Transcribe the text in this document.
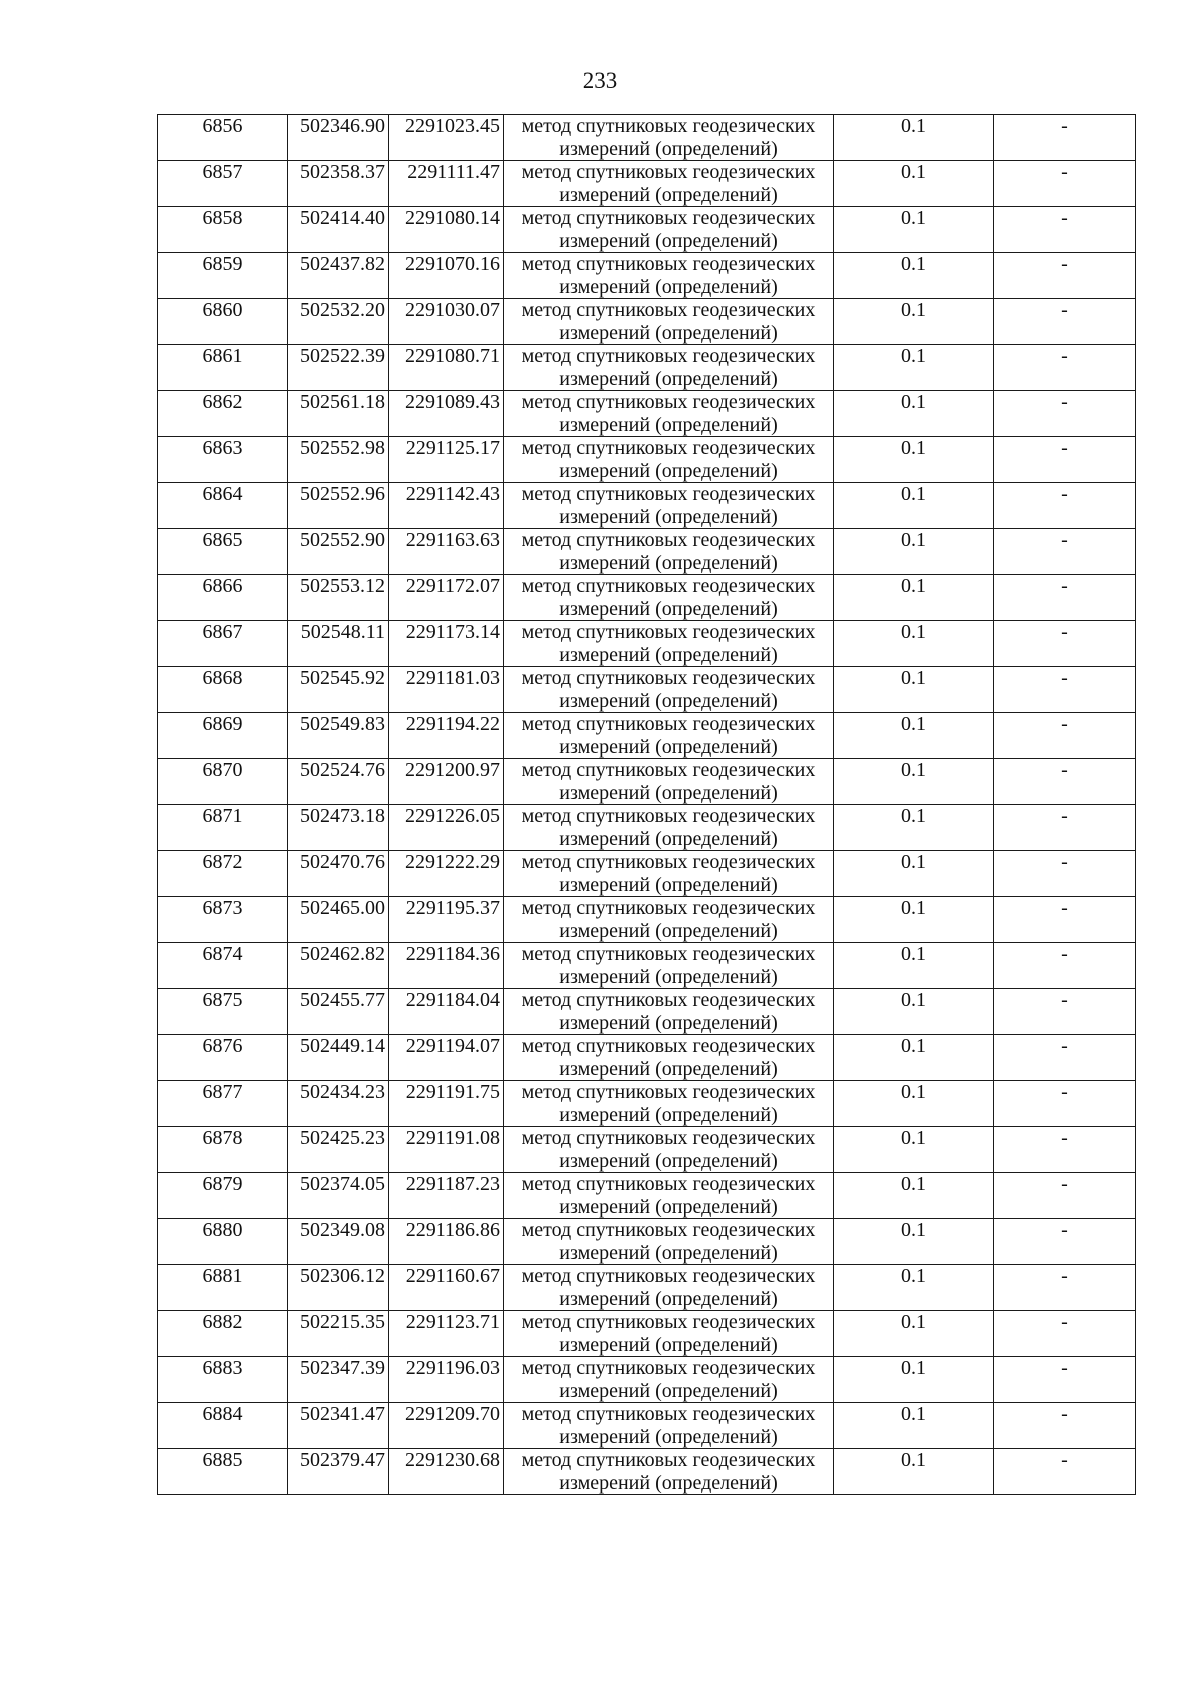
233
6856	502346.90	2291023.45	метод спутниковых геодезических измерений (определений)	0.1	-
6857	502358.37	2291111.47	метод спутниковых геодезических измерений (определений)	0.1	-
6858	502414.40	2291080.14	метод спутниковых геодезических измерений (определений)	0.1	-
6859	502437.82	2291070.16	метод спутниковых геодезических измерений (определений)	0.1	-
6860	502532.20	2291030.07	метод спутниковых геодезических измерений (определений)	0.1	-
6861	502522.39	2291080.71	метод спутниковых геодезических измерений (определений)	0.1	-
6862	502561.18	2291089.43	метод спутниковых геодезических измерений (определений)	0.1	-
6863	502552.98	2291125.17	метод спутниковых геодезических измерений (определений)	0.1	-
6864	502552.96	2291142.43	метод спутниковых геодезических измерений (определений)	0.1	-
6865	502552.90	2291163.63	метод спутниковых геодезических измерений (определений)	0.1	-
6866	502553.12	2291172.07	метод спутниковых геодезических измерений (определений)	0.1	-
6867	502548.11	2291173.14	метод спутниковых геодезических измерений (определений)	0.1	-
6868	502545.92	2291181.03	метод спутниковых геодезических измерений (определений)	0.1	-
6869	502549.83	2291194.22	метод спутниковых геодезических измерений (определений)	0.1	-
6870	502524.76	2291200.97	метод спутниковых геодезических измерений (определений)	0.1	-
6871	502473.18	2291226.05	метод спутниковых геодезических измерений (определений)	0.1	-
6872	502470.76	2291222.29	метод спутниковых геодезических измерений (определений)	0.1	-
6873	502465.00	2291195.37	метод спутниковых геодезических измерений (определений)	0.1	-
6874	502462.82	2291184.36	метод спутниковых геодезических измерений (определений)	0.1	-
6875	502455.77	2291184.04	метод спутниковых геодезических измерений (определений)	0.1	-
6876	502449.14	2291194.07	метод спутниковых геодезических измерений (определений)	0.1	-
6877	502434.23	2291191.75	метод спутниковых геодезических измерений (определений)	0.1	-
6878	502425.23	2291191.08	метод спутниковых геодезических измерений (определений)	0.1	-
6879	502374.05	2291187.23	метод спутниковых геодезических измерений (определений)	0.1	-
6880	502349.08	2291186.86	метод спутниковых геодезических измерений (определений)	0.1	-
6881	502306.12	2291160.67	метод спутниковых геодезических измерений (определений)	0.1	-
6882	502215.35	2291123.71	метод спутниковых геодезических измерений (определений)	0.1	-
6883	502347.39	2291196.03	метод спутниковых геодезических измерений (определений)	0.1	-
6884	502341.47	2291209.70	метод спутниковых геодезических измерений (определений)	0.1	-
6885	502379.47	2291230.68	метод спутниковых геодезических измерений (определений)	0.1	-
